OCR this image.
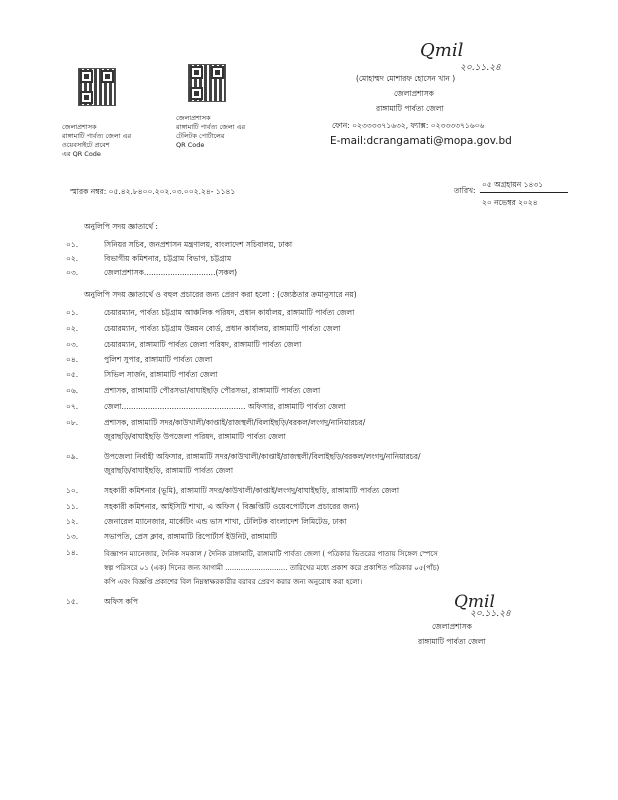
জেলাপ্রশাসক
রাঙ্গামাটি পার্বত্য জেলা এর
ওয়েবসাইটে প্রবেশ
এর QR Code
জেলাপ্রশাসক
রাঙ্গামাটি পার্বত্য জেলা এর
টেলিটক পোর্টালের
QR Code
Qmil
২০.১১.২৪
(মোহাম্মদ মোশারফ হোসেন খান )
জেলাপ্রশাসক
রাঙ্গামাটি পার্বত্য জেলা
ফোন: ০২৩৩৩৩৭১৬৩২, ফ্যাক্স: ০২৩৩৩৩৭১৬০৬
E-mail:dcrangamati@mopa.gov.bd
স্মারক নম্বর: ০৫.৪২.৮৪০০.২০২.০৩.০০২.২৪- ১১৪১	তারিখ:
০৫ অগ্রহায়ন ১৪৩১
২০ নভেম্বর ২০২৪
অনুলিপি সদয় জ্ঞাতার্থে :
০১.	সিনিয়র সচিব, জনপ্রশাসন মন্ত্রণালয়, বাংলাদেশ সচিবালয়, ঢাকা
০২.	বিভাগীয় কমিশনার, চট্টগ্রাম বিভাগ, চট্টগ্রাম
০৩.	জেলাপ্রশাসক..............................(সকল)
অনুলিপি সদয় জ্ঞাতার্থে ও বহুল প্রচারের জন্য প্রেরণ করা হলো : (জ্যেষ্ঠতার ক্রমানুসারে নয়)
০১.	চেয়ারম্যান, পার্বত্য চট্টগ্রাম আঞ্চলিক পরিষদ, প্রধান কার্যালয়, রাঙ্গামাটি পার্বত্য জেলা
০২.	চেয়ারম্যান, পার্বত্য চট্টগ্রাম উন্নয়ন বোর্ড, প্রধান কার্যালয়, রাঙ্গামাটি পার্বত্য জেলা
০৩.	চেয়ারম্যান, রাঙ্গামাটি পার্বত্য জেলা পরিষদ, রাঙ্গামাটি পার্বত্য জেলা
০৪.	পুলিশ সুপার, রাঙ্গামাটি পার্বত্য জেলা
০৫.	সিভিল সার্জন, রাঙ্গামাটি পার্বত্য জেলা
০৬.	প্রশাসক, রাঙ্গামাটি পৌরসভা/বাঘাইছড়ি পৌরসভা, রাঙ্গামাটি পার্বত্য জেলা
০৭.	জেলা.................................................... অফিসার, রাঙ্গামাটি পার্বত্য জেলা
০৮.	প্রশাসক, রাঙ্গামাটি সদর/কাউখালী/কাপ্তাই/রাজস্থলী/বিলাইছড়ি/বরকল/লংগদু/নানিয়ারচর/
জুরাছড়ি/বাঘাইছড়ি উপজেলা পরিষদ, রাঙ্গামাটি পার্বত্য জেলা
০৯.	উপজেলা নির্বাহী অফিসার, রাঙ্গামাটি সদর/কাউখালী/কাপ্তাই/রাজস্থলী/বিলাইছড়ি/বরকল/লংগদু/নানিয়ারচর/
জুরাছড়ি/বাঘাইছড়ি, রাঙ্গামাটি পার্বত্য জেলা
১০.	সহকারী কমিশনার (ভূমি), রাঙ্গামাটি সদর/কাউখালী/কাপ্তাই/লংগদু/বাঘাইছড়ি, রাঙ্গামাটি পার্বত্য জেলা
১১.	সহকারী কমিশনার, আইসিটি শাখা, এ অফিস ( বিজ্ঞপ্তিটি ওয়েবপোর্টালে প্রচারের জন্য)
১২.	জেনারেল ম্যানেজার, মার্কেটিং এন্ড ভাস শাখা, টেলিটক বাংলাদেশ লিমিটেড, ঢাকা
১৩.	সভাপতি, প্রেস ক্লাব, রাঙ্গামাটি রিপোর্টার্স ইউনিট, রাঙ্গামাটি
১৪.	বিজ্ঞাপন ম্যানেজার, দৈনিক সমকাল / দৈনিক রাঙ্গামাটি, রাঙ্গামাটি পার্বত্য জেলা ( পত্রিকার ভিতরের পাতায় সিঙ্গেল স্পেসে
স্বল্প পরিসরে ০১ (এক) দিনের জন্য আগামী ............................ তারিখের মধ্যে প্রকাশ করে প্রকাশিত পত্রিকার ০৫(পাঁচ)
কপি এবং বিজ্ঞপ্তি প্রকাশের বিল নিম্নস্বাক্ষরকারীর বরাবর প্রেরণ করার জন্য অনুরোধ করা হলো।
১৫.	অফিস কপি	Qmil
২০.১১.২৪
জেলাপ্রশাসক
রাঙ্গামাটি পার্বত্য জেলা
